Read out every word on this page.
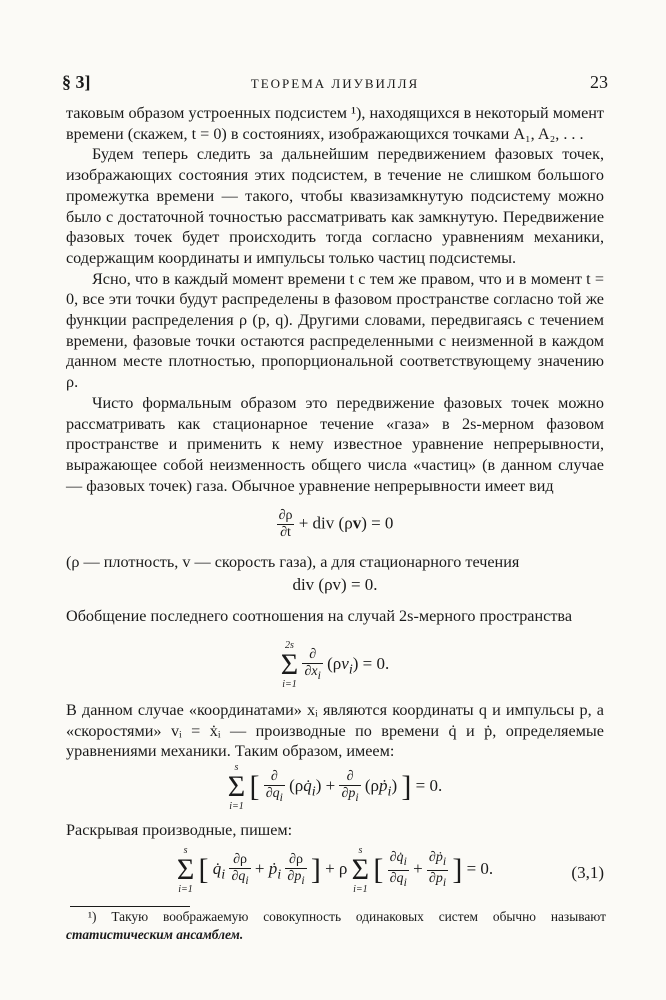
§ 3]	ТЕОРЕМА ЛИУВИЛЛЯ	23

таковым образом устроенных подсистем ¹), находящихся в некоторый момент времени (скажем, t = 0) в состояниях, изображающихся точками A₁, A₂, . . .

Будем теперь следить за дальнейшим передвижением фазовых точек, изображающих состояния этих подсистем, в течение не слишком большого промежутка времени — такого, чтобы квазизамкнутую подсистему можно было с достаточной точностью рассматривать как замкнутую. Передвижение фазовых точек будет происходить тогда согласно уравнениям механики, содержащим координаты и импульсы только частиц подсистемы.

Ясно, что в каждый момент времени t с тем же правом, что и в момент t = 0, все эти точки будут распределены в фазовом пространстве согласно той же функции распределения ρ (p, q). Другими словами, передвигаясь с течением времени, фазовые точки остаются распределенными с неизменной в каждом данном месте плотностью, пропорциональной соответствующему значению ρ.

Чисто формальным образом это передвижение фазовых точек можно рассматривать как стационарное течение «газа» в 2s-мерном фазовом пространстве и применить к нему известное уравнение непрерывности, выражающее собой неизменность общего числа «частиц» (в данном случае — фазовых точек) газа. Обычное уравнение непрерывности имеет вид

$\frac{\partial\rho}{\partial t}$ + div (ρv) = 0

(ρ — плотность, v — скорость газа), а для стационарного течения

div (ρv) = 0.

Обобщение последнего соотношения на случай 2s-мерного пространства

2s
Σ
i=1

$\frac{\partial}{\partial x_i} (\rho v_i) = 0$.

В данном случае «координатами» xᵢ являются координаты q и импульсы p, а «скоростями» vᵢ = ẋᵢ — производные по времени q̇ и ṗ, определяемые уравнениями механики. Таким образом, имеем:

s
Σ
i=1
[ $\frac{\partial}{\partial q_i}$ $(\rho q̇_i) + \frac{\partial}{\partial p_i}$ (ρṗ$_i$) ] = 0.

Раскрывая производные, пишем:

s
Σ
i=1
[ $q̇_i \frac{\partial\rho}{\partial q_i}$ + ṗ$_i$ $\frac{\partial\rho}{\partial p_i}$ ] + ρ
s
Σ
i=1
[ $\frac{\partial q̇_i}{\partial q_i} + \frac{\partial ṗ_i}{\partial p_i}$ ] = 0.	(3,1)
¹) Такую воображаемую совокупность одинаковых систем обычно называют статистическим ансамблем.
